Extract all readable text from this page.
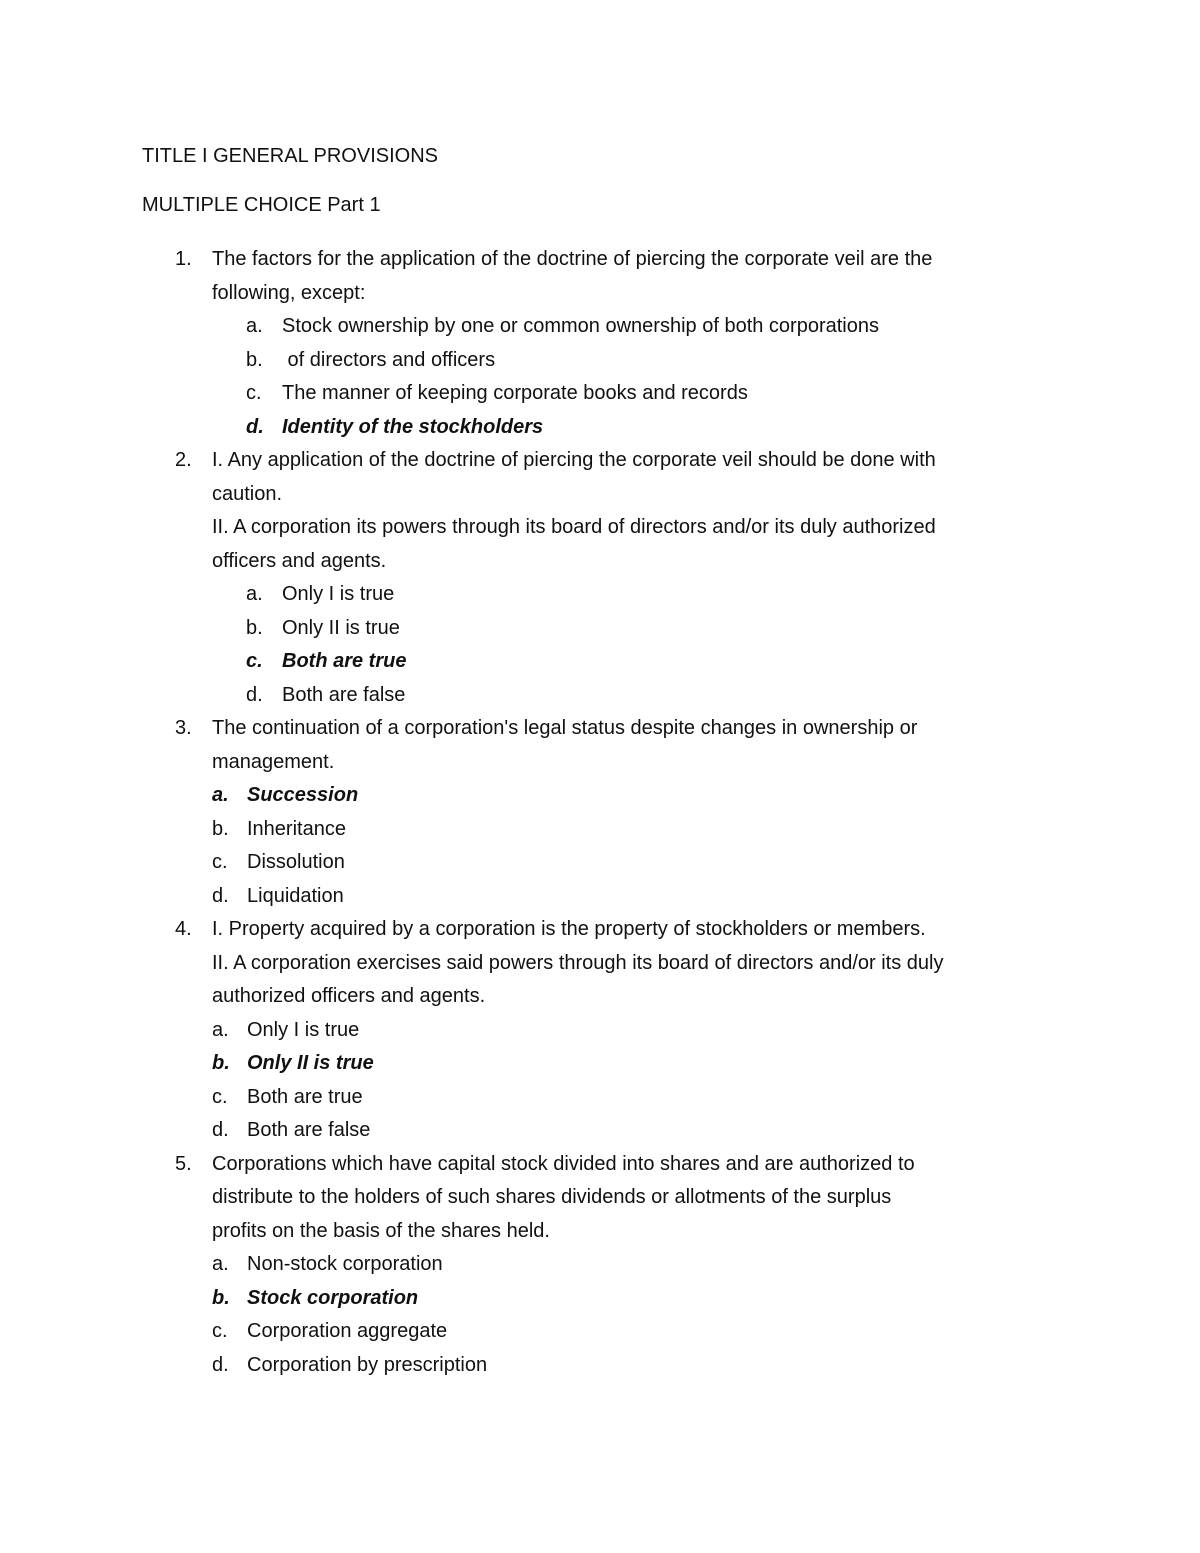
TITLE I GENERAL PROVISIONS
MULTIPLE CHOICE Part 1
1. The factors for the application of the doctrine of piercing the corporate veil are the
following, except:
a. Stock ownership by one or common ownership of both corporations
b. of directors and officers
c. The manner of keeping corporate books and records
d. Identity of the stockholders
2. I. Any application of the doctrine of piercing the corporate veil should be done with
caution.
II. A corporation its powers through its board of directors and/or its duly authorized
officers and agents.
a. Only I is true
b. Only II is true
c. Both are true
d. Both are false
3. The continuation of a corporation's legal status despite changes in ownership or
management.
a. Succession
b. Inheritance
c. Dissolution
d. Liquidation
4. I. Property acquired by a corporation is the property of stockholders or members.
II. A corporation exercises said powers through its board of directors and/or its duly
authorized officers and agents.
a. Only I is true
b. Only II is true
c. Both are true
d. Both are false
5. Corporations which have capital stock divided into shares and are authorized to
distribute to the holders of such shares dividends or allotments of the surplus
profits on the basis of the shares held.
a. Non-stock corporation
b. Stock corporation
c. Corporation aggregate
d. Corporation by prescription
